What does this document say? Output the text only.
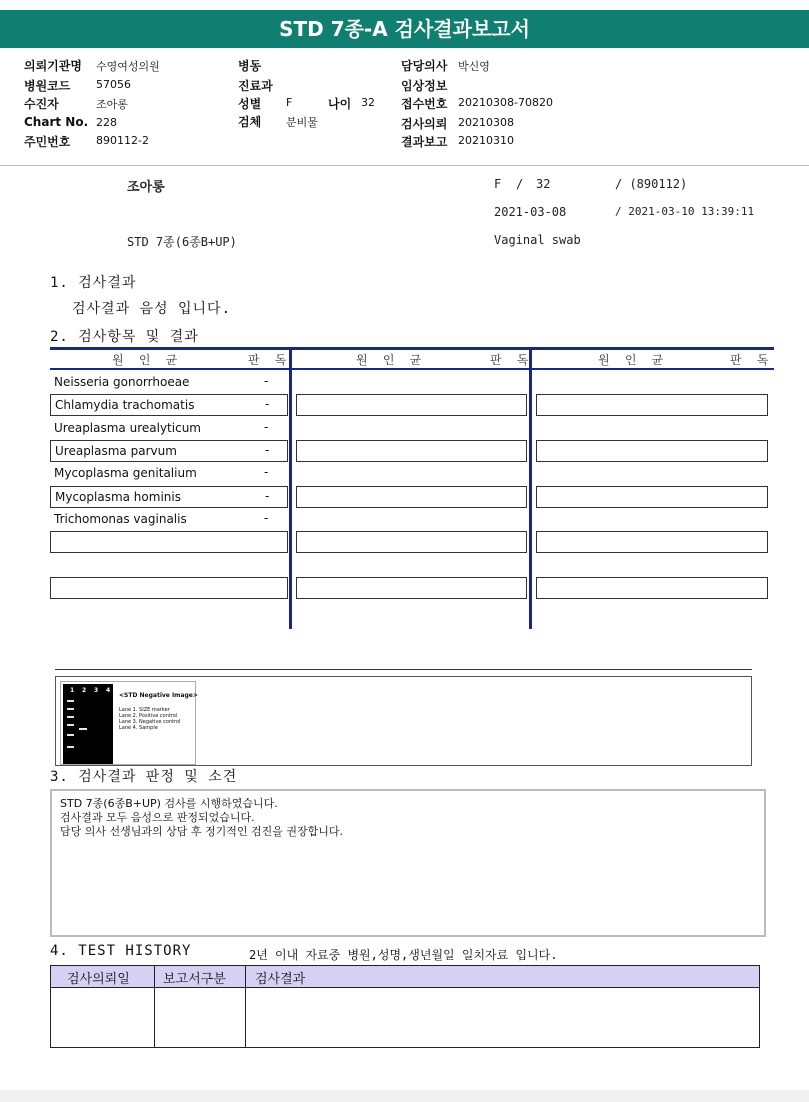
STD 7종-A 검사결과보고서
의뢰기관명 수영여성의원
병원코드 57056
수진자	조아롱
Chart No. 228
주민번호 890112-2
병동
진료과
성별 F	나이 32
검체 분비물
담당의사 박신영
임상정보
접수번호 20210308-70820
검사의뢰 20210308
결과보고 20210310
조아롱	F / 32	/ (890112)
2021-03-08	/ 2021-03-10 13:39:11
STD 7종(6종B+UP)	Vaginal swab
1. 검사결과
검사결과 음성 입니다.
2. 검사항목 및 결과
원 인 균	판 독	원 인 균	판 독	원 인 균	판 독
Neisseria gonorrhoeae	-
Chlamydia trachomatis	-
Ureaplasma urealyticum	-
Ureaplasma parvum	-
Mycoplasma genitalium	-
Mycoplasma hominis	-
Trichomonas vaginalis	-
1 2 3 4
<STD Negative Image>
Lane 1. SIZE marker
Lane 2. Positive control
Lane 3. Negative control
Lane 4. Sample
3. 검사결과 판정 및 소견
STD 7종(6종B+UP) 검사를 시행하였습니다.
검사결과 모두 음성으로 판정되었습니다.
담당 의사 선생님과의 상담 후 정기적인 검진을 권장합니다.
4. TEST HISTORY	2년 이내 자료중 병원,성명,생년월일 일치자료 입니다.
검사의뢰일	보고서구분 검사결과
